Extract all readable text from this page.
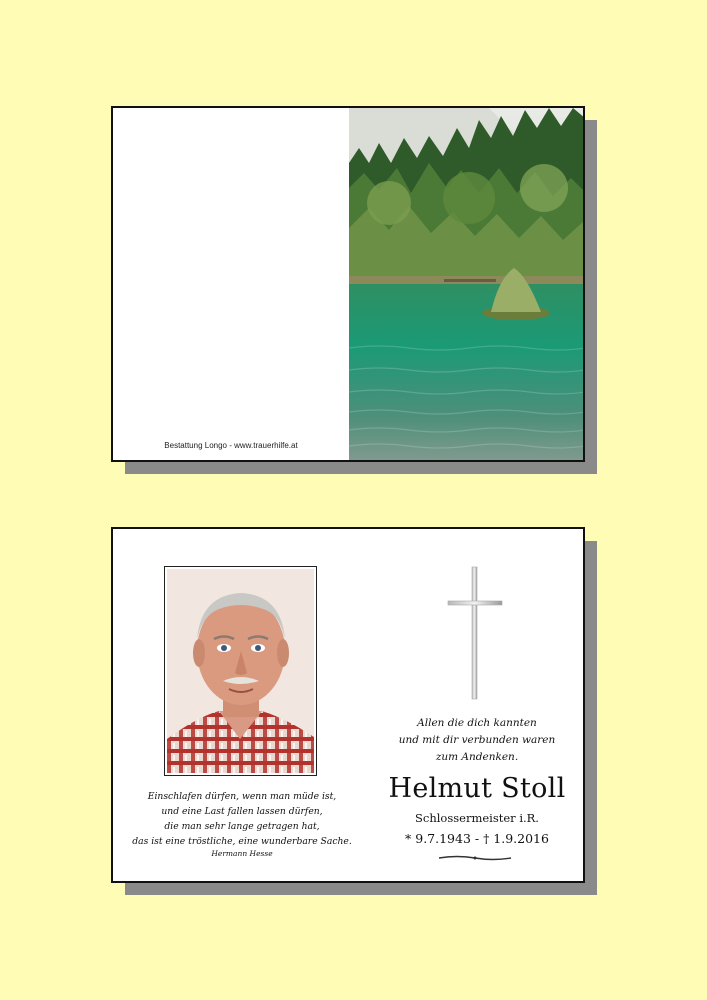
Bestattung Longo - www.trauerhilfe.at
Einschlafen dürfen, wenn man müde ist,
und eine Last fallen lassen dürfen,
die man sehr lange getragen hat,
das ist eine tröstliche, eine wunderbare Sache.
Hermann Hesse
Allen die dich kannten
und mit dir verbunden waren
zum Andenken.
Helmut Stoll
Schlossermeister i.R.
* 9.7.1943 - † 1.9.2016
